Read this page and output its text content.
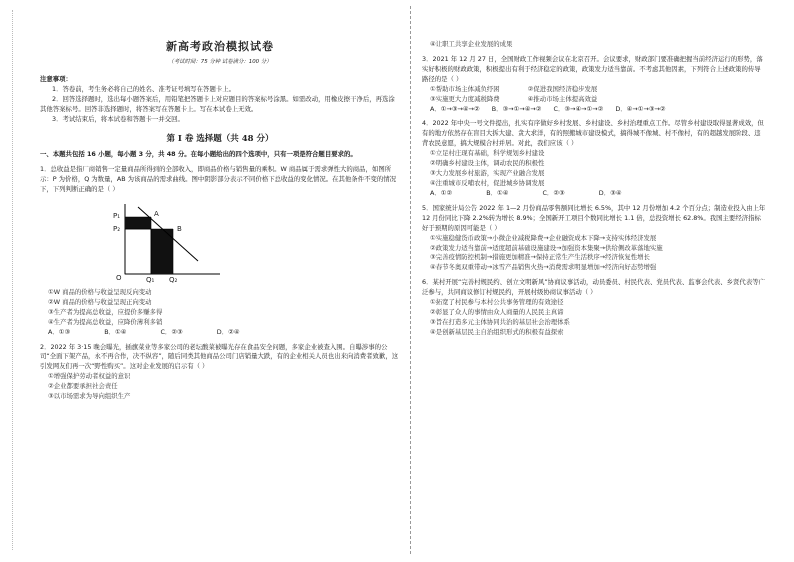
新高考政治模拟试卷
（考试时间：75 分钟 试卷满分：100 分）
注意事项：

1．答卷前，考生务必将自己的姓名、准考证号填写在答题卡上。

2．回答选择题时，选出每小题答案后，用铅笔把答题卡上对应题目的答案标号涂黑。如需改动，用橡皮擦干净后，再选涂其他答案标号。回答非选择题时，将答案写在答题卡上。写在本试卷上无效。

3．考试结束后，将本试卷和答题卡一并交回。

第 I 卷 选择题（共 48 分）

一、本题共包括 16 小题，每小题 3 分，共 48 分。在每小题给出的四个选项中，只有一项是符合题目要求的。

1．总收益是指厂商销售一定量商品所得到的全部收入，即商品价格与销售量的乘积。W 商品属于需求弹性大的商品，如图所示：P 为价格，Q 为数量，AB 为该商品的需求曲线。图中阴影部分表示不同价格下总收益的变化情况。在其他条件不变的情况下，下列判断正确的是（ ）

P₁
P₂
A
B
O	Q₁ Q₂
①W 商品的价格与收益呈现反向变动
②W 商品的价格与收益呈现正向变动
③生产者为提高总收益，应提价多赚多得
④生产者为提高总收益，应降价薄利多销
A．①③	B．①④	C．②③	D．②④

2．2022 年 3·15 晚会曝光，插旗菜业等多家公司的老坛酸菜被曝光存在食品安全问题，多家企业被查入围。自曝涉事的公司“全面下架产品，永不再合作，决不纵容”，随后同类其他商品公司门店销量大跌，有的企业相关人员也出来向消费者致歉，这引发网友们再一次“野性购买”。这对企业发展的启示有（ ）

①增强保护劳动者权益的意识
②企业都要承担社会责任
③以市场需求为导向组织生产
④让职工共享企业发展的成果

3．2021 年 12 月 27 日，全国财政工作视频会议在北京召开。会议要求，财政部门要准确把握当前经济运行的形势，落实好积极的财政政策，积极提出有利于经济稳定的政策，政策发力适当靠前。不考虑其他因素，下列符合上述政策的传导路径的是（ ）

①帮助市场主体减负纾困
③实施更大力度减税降费
②促进我国经济稳步发展
④推动市场主体提高效益
A．①→③→④→② B．③→①→④→② C．③→④→①→② D．④→①→③→②

4．2022 年中央一号文件提出，扎实有序做好乡村发展、乡村建设、乡村治理重点工作。尽管乡村建设取得显著成效，但有的地方依然存在盲目大拆大建、贪大求洋，有的照搬城市建设模式，搞得城不像城、村不像村，有的超越发展阶段、违背农民意愿，搞大规模合村并居。对此，我们应该（ ）

①立足村庄现有基础，科学规划乡村建设
②明确乡村建设主体，调动农民的积极性
③大力发展乡村旅游，实现产业融合发展
④注重城市反哺农村，促进城乡协调发展
A．①②	B．①④	C．②③	D．③④

5．国家统计局公告 2022 年 1—2 月份商品零售额同比增长 6.5%，其中 12 月份增加 4.2 个百分点；制造业投入由上年 12 月份同比下降 2.2%转为增长 8.9%；全国新开工项目个数同比增长 1.1 倍，总投资增长 62.8%。我国主要经济指标好于预期的原因可能是（ ）

①实施稳健货币政策→小微企业减税降费→企业融资成本下降→支持实体经济发展
②政策发力适当靠前→适度超前基础设施建设→加强资本集聚→供给侧改革落地实施
③完善疫情防控机制→措施更加精准→保持正常生产生活秩序→经济恢复性增长
④春节冬奥双重带动→冰雪产品销售火热→消费需求明显增加→经济向好态势增强

6．某村开展“完善村规民约、创立文明新风”协商议事活动，动员委员、村民代表、党员代表、监事会代表、乡贤代表等广泛参与，共同商议修订村规民约，开展村级协商议事活动（ ）

①拓宽了村民参与本村公共事务管理的有效途径
②彰显了众人的事情由众人商量的人民民主真谛
③旨在打造多元主体协同共治的基层社会治理体系
④是创新基层民主自治组织形式的积极有益探索
